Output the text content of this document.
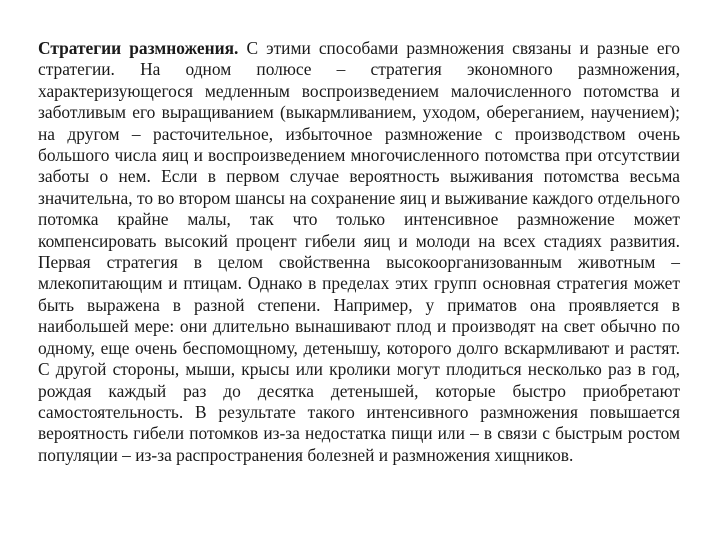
Стратегии размножения. С этими способами размножения связаны и разные его стратегии. На одном полюсе – стратегия экономного размножения, характеризующегося медленным воспроизведением малочисленного потомства и заботливым его выращиванием (выкармливанием, уходом, обереганием, научением); на другом – расточительное, избыточное размножение с производством очень большого числа яиц и воспроизведением многочисленного потомства при отсутствии заботы о нем. Если в первом случае вероятность выживания потомства весьма значительна, то во втором шансы на сохранение яиц и выживание каждого отдельного потомка крайне малы, так что только интенсивное размножение может компенсировать высокий процент гибели яиц и молоди на всех стадиях развития. Первая стратегия в целом свойственна высокоорганизованным животным – млекопитающим и птицам. Однако в пределах этих групп основная стратегия может быть выражена в разной степени. Например, у приматов она проявляется в наибольшей мере: они длительно вынашивают плод и производят на свет обычно по одному, еще очень беспомощному, детенышу, которого долго вскармливают и растят. С другой стороны, мыши, крысы или кролики могут плодиться несколько раз в год, рождая каждый раз до десятка детенышей, которые быстро приобретают самостоятельность. В результате такого интенсивного размножения повышается вероятность гибели потомков из-за недостатка пищи или – в связи с быстрым ростом популяции – из-за распространения болезней и размножения хищников.
